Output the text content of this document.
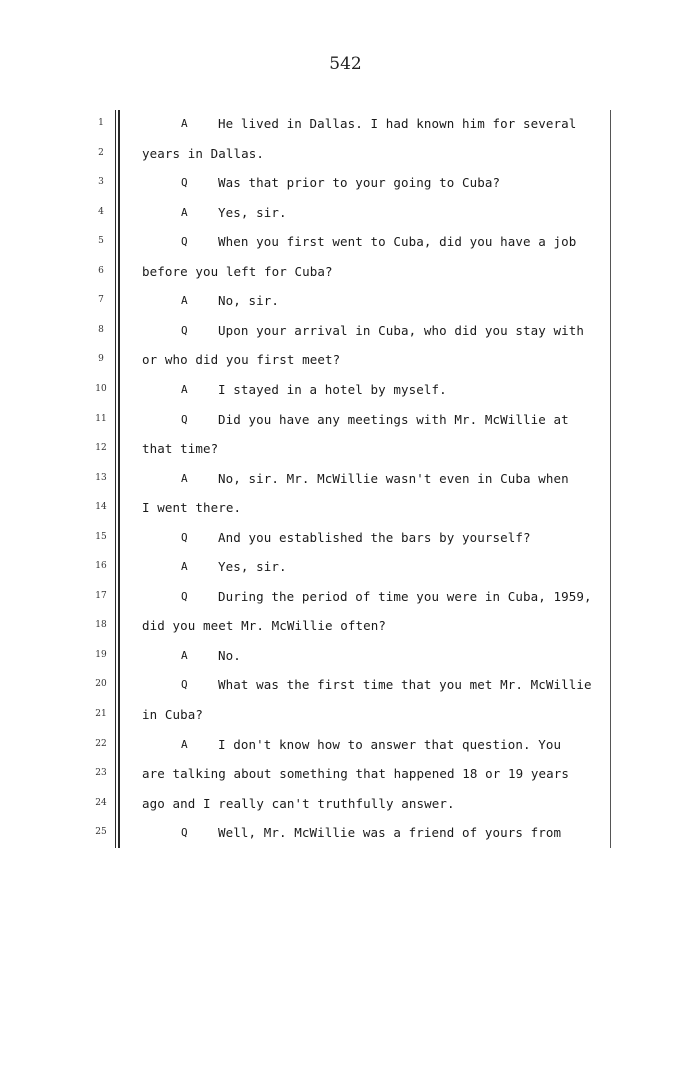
542
1	A He lived in Dallas. I had known him for several
2	years in Dallas.
3	Q Was that prior to your going to Cuba?
4	A Yes, sir.
5	Q When you first went to Cuba, did you have a job
6	before you left for Cuba?
7	A No, sir.
8	Q Upon your arrival in Cuba, who did you stay with
9	or who did you first meet?
10	A I stayed in a hotel by myself.
11	Q Did you have any meetings with Mr. McWillie at
12	that time?
13	A No, sir. Mr. McWillie wasn't even in Cuba when
14	I went there.
15	Q And you established the bars by yourself?
16	A Yes, sir.
17	Q During the period of time you were in Cuba, 1959,
18	did you meet Mr. McWillie often?
19	A No.
20	Q What was the first time that you met Mr. McWillie
21	in Cuba?
22	A I don't know how to answer that question. You
23	are talking about something that happened 18 or 19 years
24	ago and I really can't truthfully answer.
25	Q Well, Mr. McWillie was a friend of yours from
